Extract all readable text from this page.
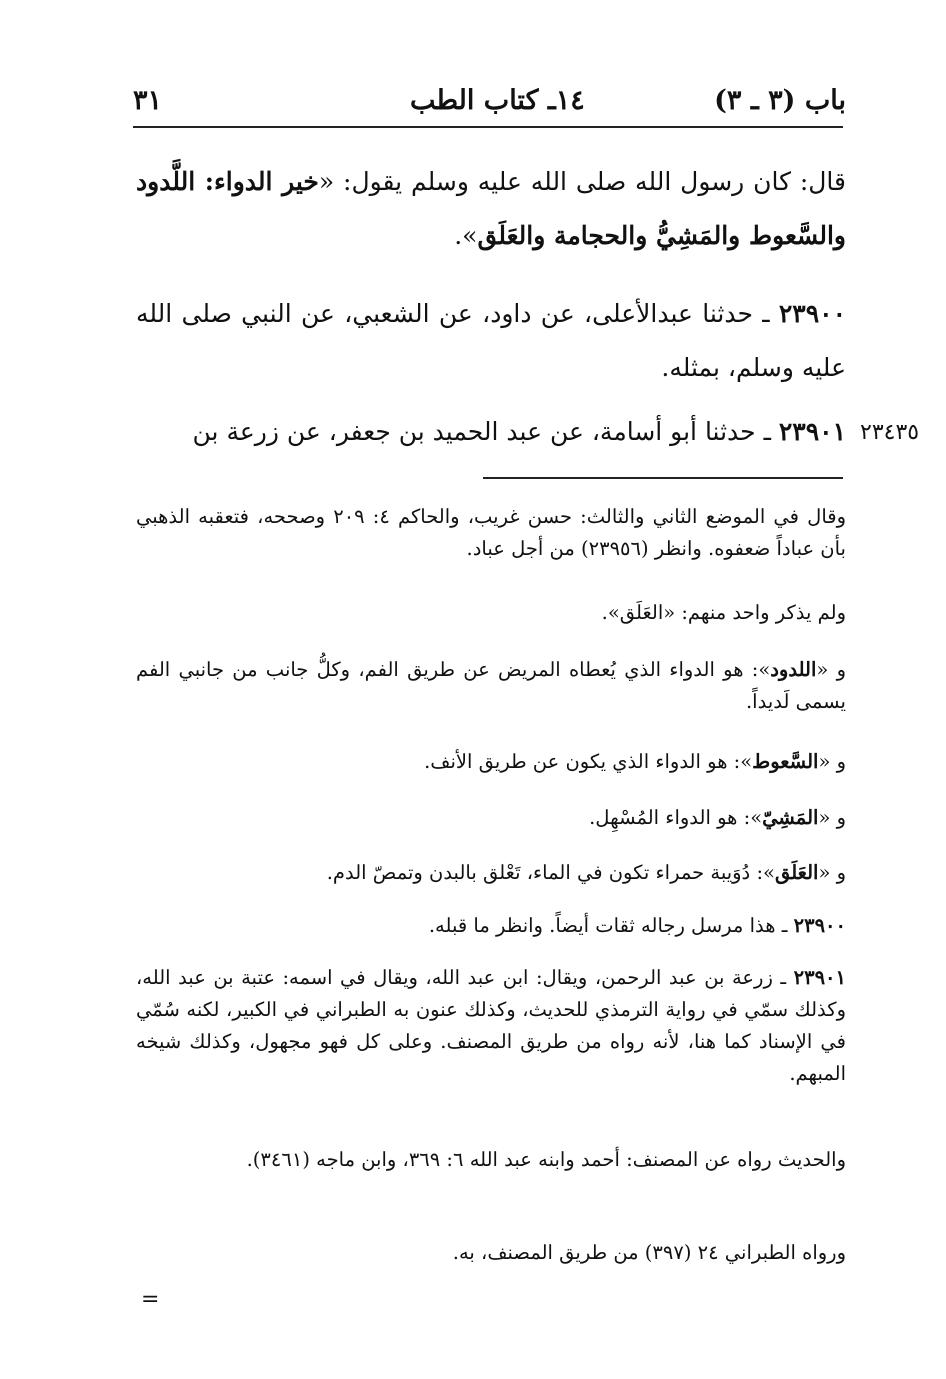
باب (٣ ـ ٣)
١٤ـ كتاب الطب
٣١
قال: كان رسول الله صلى الله عليه وسلم يقول: «خير الدواء: اللَّدود والسَّعوط والمَشِيُّ والحجامة والعَلَق».
٢٣٩٠٠ ـ حدثنا عبدالأعلى، عن داود، عن الشعبي، عن النبي صلى الله عليه وسلم، بمثله.
٢٣٩٠١ ـ حدثنا أبو أسامة، عن عبد الحميد بن جعفر، عن زرعة بن	٢٣٤٣٥
وقال في الموضع الثاني والثالث: حسن غريب، والحاكم ٤: ٢٠٩ وصححه، فتعقبه الذهبي بأن عباداً ضعفوه. وانظر (٢٣٩٥٦) من أجل عباد.
ولم يذكر واحد منهم: «العَلَق».
و «اللدود»: هو الدواء الذي يُعطاه المريض عن طريق الفم، وكلُّ جانب من جانبي الفم يسمى لَديداً.
و «السَّعوط»: هو الدواء الذي يكون عن طريق الأنف.
و «المَشِيّ»: هو الدواء المُسْهِل.
و «العَلَق»: دُوَيبة حمراء تكون في الماء، تَعْلق بالبدن وتمصّ الدم.
٢٣٩٠٠ ـ هذا مرسل رجاله ثقات أيضاً. وانظر ما قبله.
٢٣٩٠١ ـ زرعة بن عبد الرحمن، ويقال: ابن عبد الله، ويقال في اسمه: عتبة بن عبد الله، وكذلك سمّي في رواية الترمذي للحديث، وكذلك عنون به الطبراني في الكبير، لكنه سُمّي في الإسناد كما هنا، لأنه رواه من طريق المصنف. وعلى كل فهو مجهول، وكذلك شيخه المبهم.
والحديث رواه عن المصنف: أحمد وابنه عبد الله ٦: ٣٦٩، وابن ماجه (٣٤٦١).
ورواه الطبراني ٢٤ (٣٩٧) من طريق المصنف، به.
=
